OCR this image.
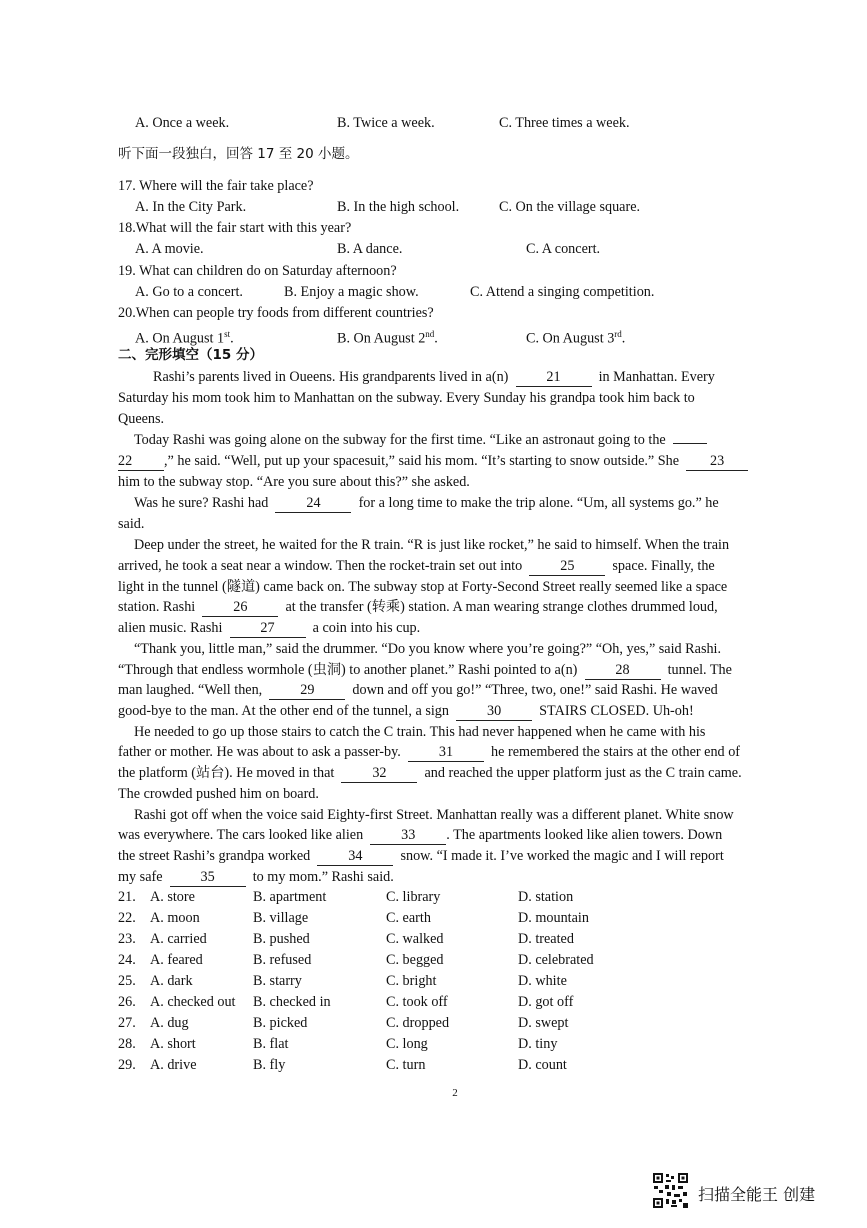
A. Once a week.	B. Twice a week.	C. Three times a week.
听下面一段独白，回答 17 至 20 小题。
17. Where will the fair take place?
A. In the City Park.	B. In the high school.	C. On the village square.
18.What will the fair start with this year?
A. A movie.	B. A dance.	C. A concert.
19. What can children do on Saturday afternoon?
A. Go to a concert.	B. Enjoy a magic show.	C. Attend a singing competition.
20.When can people try foods from different countries?
A. On August 1st.	B. On August 2nd.	C. On August 3rd.
二、完形填空（15 分）
Rashi’s parents lived in Oueens. His grandparents lived in a(n)	21	in Manhattan. Every
Saturday his mom took him to Manhattan on the subway. Every Sunday his grandpa took him back to
Queens.
Today Rashi was going alone on the subway for the first time. “Like an astronaut going to the
22 ,” he said. “Well, put up your spacesuit,” said his mom. “It’s starting to snow outside.” She 23
him to the subway stop. “Are you sure about this?” she asked.
Was he sure? Rashi had	24	for a long time to make the trip alone. “Um, all systems go.” he
said.
Deep under the street, he waited for the R train. “R is just like rocket,” he said to himself. When the train
arrived, he took a seat near a window. Then the rocket-train set out into	25	space. Finally, the
light in the tunnel (隧道) came back on. The subway stop at Forty-Second Street really seemed like a space
station. Rashi	26	at the transfer (转乘) station. A man wearing strange clothes drummed loud,
alien music. Rashi	27	a coin into his cup.
“Thank you, little man,” said the drummer. “Do you know where you’re going?” “Oh, yes,” said Rashi.
“Through that endless wormhole (虫洞) to another planet.” Rashi pointed to a(n)	28	tunnel. The
man laughed. “Well then,	29	down and off you go!” “Three, two, one!” said Rashi. He waved
good-bye to the man. At the other end of the tunnel, a sign	30	STAIRS CLOSED. Uh-oh!
He needed to go up those stairs to catch the C train. This had never happened when he came with his
father or mother. He was about to ask a passer-by.	31	he remembered the stairs at the other end of
the platform (站台). He moved in that	32	and reached the upper platform just as the C train came.
The crowded pushed him on board.
Rashi got off when the voice said Eighty-first Street. Manhattan really was a different planet. White snow
was everywhere. The cars looked like alien	33 . The apartments looked like alien towers. Down
the street Rashi’s grandpa worked	34	snow. “I made it. I’ve worked the magic and I will report
my safe	35	to my mom.” Rashi said.
21. A. store	B. apartment	C. library	D. station
22. A. moon	B. village	C. earth	D. mountain
23. A. carried	B. pushed	C. walked	D. treated
24. A. feared	B. refused	C. begged	D. celebrated
25. A. dark	B. starry	C. bright	D. white
26. A. checked out B. checked in	C. took off	D. got off
27. A. dug	B. picked	C. dropped	D. swept
28. A. short	B. flat	C. long	D. tiny
29. A. drive	B. fly	C. turn	D. count
2
扫描全能王 创建
